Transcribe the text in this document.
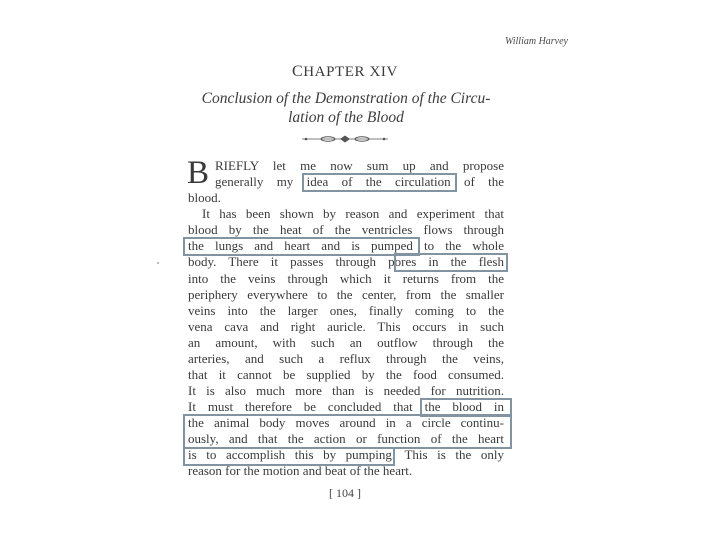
William Harvey
CHAPTER XIV
Conclusion of the Demonstration of the Circu-
lation of the Blood
B RIEFLY let me now sum up and propose
generally my idea of the circulation of the
blood.
It has been shown by reason and experiment that
blood by the heat of the ventricles flows through
the lungs and heart and is pumped to the whole
body. There it passes through pores in the flesh
into the veins through which it returns from the
periphery everywhere to the center, from the smaller
veins into the larger ones, finally coming to the
vena cava and right auricle. This occurs in such
an amount, with such an outflow through the
arteries, and such a reflux through the veins,
that it cannot be supplied by the food consumed.
It is also much more than is needed for nutrition.
It must therefore be concluded that the blood in
the animal body moves around in a circle continu-
ously, and that the action or function of the heart
is to accomplish this by pumping. This is the only
reason for the motion and beat of the heart.
[ 104 ]
